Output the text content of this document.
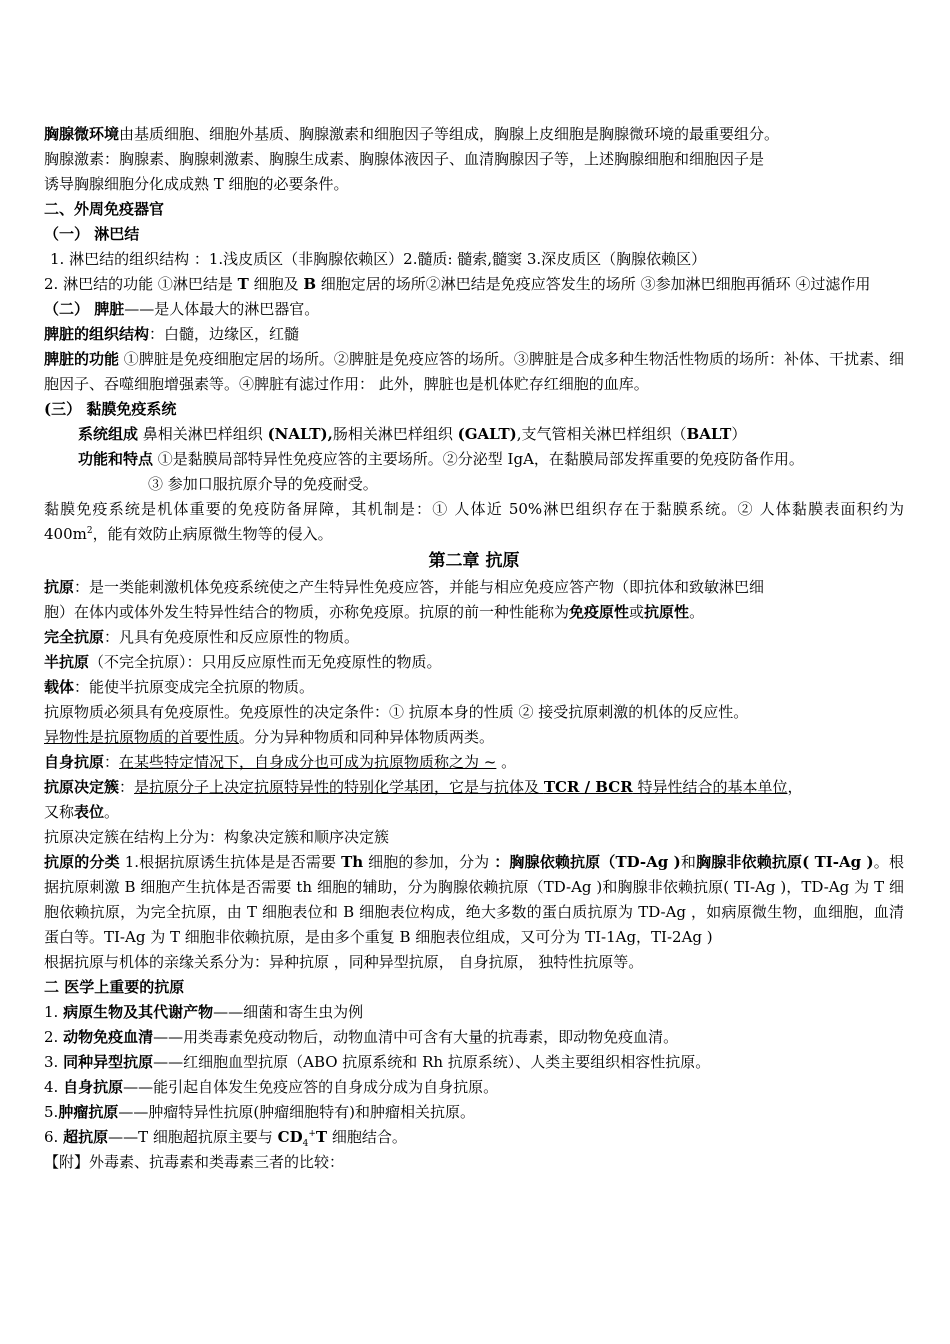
胸腺微环境由基质细胞、细胞外基质、胸腺激素和细胞因子等组成，胸腺上皮细胞是胸腺微环境的最重要组分。
胸腺激素：胸腺素、胸腺刺激素、胸腺生成素、胸腺体液因子、血清胸腺因子等，上述胸腺细胞和细胞因子是
诱导胸腺细胞分化成成熟 T 细胞的必要条件。
二、外周免疫器官
（一） 淋巴结
1. 淋巴结的组织结构 ：1.浅皮质区（非胸腺依赖区）2.髓质: 髓索,髓窦 3.深皮质区（胸腺依赖区）
2. 淋巴结的功能 ①淋巴结是 T 细胞及 B 细胞定居的场所②淋巴结是免疫应答发生的场所 ③参加淋巴细胞再循环 ④过滤作用
（二） 脾脏——是人体最大的淋巴器官。
脾脏的组织结构：白髓，边缘区，红髓
脾脏的功能 ①脾脏是免疫细胞定居的场所。②脾脏是免疫应答的场所。③脾脏是合成多种生物活性物质的场所：补体、干扰素、细胞因子、吞噬细胞增强素等。④脾脏有滤过作用： 此外，脾脏也是机体贮存红细胞的血库。
(三） 黏膜免疫系统
系统组成 鼻相关淋巴样组织 (NALT),肠相关淋巴样组织 (GALT),支气管相关淋巴样组织（BALT）
功能和特点 ①是黏膜局部特异性免疫应答的主要场所。②分泌型 IgA，在黏膜局部发挥重要的免疫防备作用。
③ 参加口服抗原介导的免疫耐受。
黏膜免疫系统是机体重要的免疫防备屏障，其机制是：① 人体近 50%淋巴组织存在于黏膜系统。② 人体黏膜表面积约为 $400m^2$，能有效防止病原微生物等的侵入。
第二章 抗原
抗原：是一类能刺激机体免疫系统使之产生特异性免疫应答，并能与相应免疫应答产物（即抗体和致敏淋巴细
胞）在体内或体外发生特异性结合的物质，亦称免疫原。抗原的前一种性能称为免疫原性或抗原性。
完全抗原：凡具有免疫原性和反应原性的物质。
半抗原（不完全抗原）：只用反应原性而无免疫原性的物质。
载体：能使半抗原变成完全抗原的物质。
抗原物质必须具有免疫原性。免疫原性的决定条件：① 抗原本身的性质 ② 接受抗原刺激的机体的反应性。
异物性是抗原物质的首要性质。分为异种物质和同种异体物质两类。
自身抗原：在某些特定情况下，自身成分也可成为抗原物质称之为 ~ 。
抗原决定簇：是抗原分子上决定抗原特异性的特别化学基团，它是与抗体及 TCR / BCR 特异性结合的基本单位，
又称表位。
抗原决定簇在结构上分为：构象决定簇和顺序决定簇
抗原的分类 1.根据抗原诱生抗体是是否需要 Th 细胞的参加，分为 ：胸腺依赖抗原（TD-Ag )和胸腺非依赖抗原( TI-Ag )。根据抗原刺激 B 细胞产生抗体是否需要 th 细胞的辅助，分为胸腺依赖抗原（TD-Ag )和胸腺非依赖抗原( TI-Ag )，TD-Ag 为 T 细胞依赖抗原，为完全抗原，由 T 细胞表位和 B 细胞表位构成，绝大多数的蛋白质抗原为 TD-Ag ，如病原微生物，血细胞，血清蛋白等。TI-Ag 为 T 细胞非依赖抗原，是由多个重复 B 细胞表位组成，又可分为 TI-1Ag，TI-2Ag )
根据抗原与机体的亲缘关系分为：异种抗原 ，同种异型抗原， 自身抗原， 独特性抗原等。
二 医学上重要的抗原
1. 病原生物及其代谢产物——细菌和寄生虫为例
2. 动物免疫血清——用类毒素免疫动物后，动物血清中可含有大量的抗毒素，即动物免疫血清。
3. 同种异型抗原——红细胞血型抗原（ABO 抗原系统和 Rh 抗原系统）、人类主要组织相容性抗原。
4. 自身抗原——能引起自体发生免疫应答的自身成分成为自身抗原。
5.肿瘤抗原——肿瘤特异性抗原(肿瘤细胞特有)和肿瘤相关抗原。
6. 超抗原——T 细胞超抗原主要与 $CD_4^+T$ 细胞结合。
【附】外毒素、抗毒素和类毒素三者的比较：
